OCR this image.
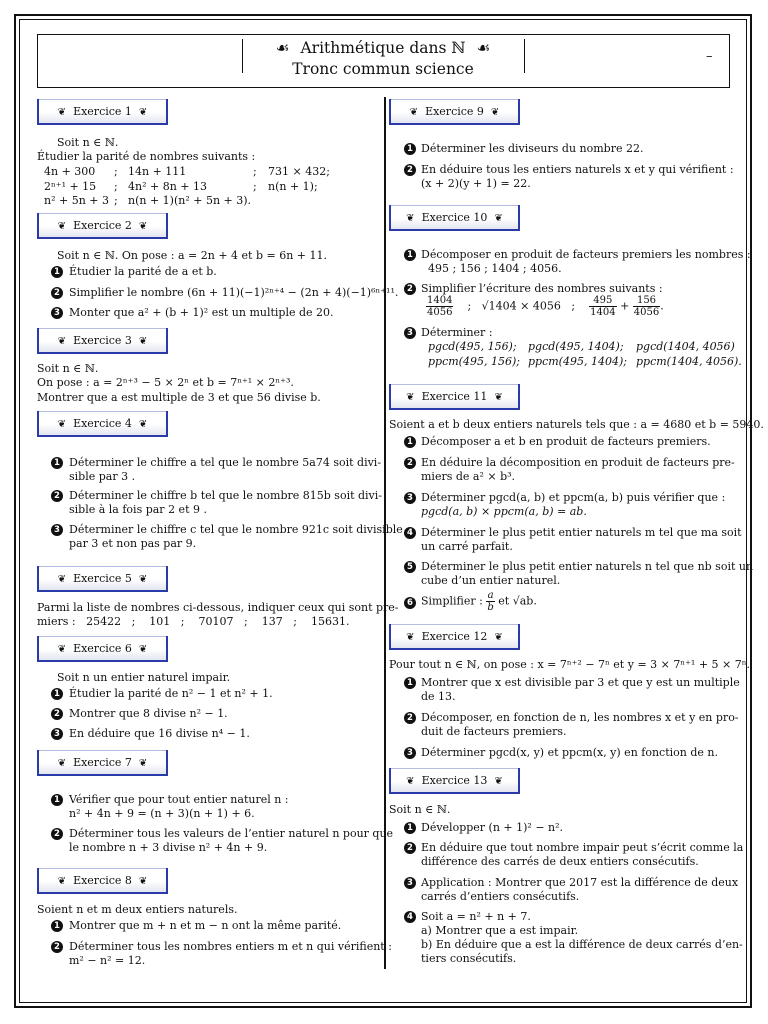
☙ Arithmétique dans ℕ ☙
Tronc commun science
–
❦ Exercice 1 ❦
Soit n ∈ ℕ.
Étudier la parité de nombres suivants :
4n + 300 ; 14n + 111	; 731 × 432;
2ⁿ⁺¹ + 15 ; 4n² + 8n + 13	; n(n + 1);
n² + 5n + 3 ; n(n + 1)(n² + 5n + 3).
❦ Exercice 2 ❦
Soit n ∈ ℕ. On pose : a = 2n + 4 et b = 6n + 11.
1 Étudier la parité de a et b.
2 Simplifier le nombre (6n + 11)(−1)²ⁿ⁺⁴ − (2n + 4)(−1)⁶ⁿ⁺¹¹.
3 Monter que a² + (b + 1)² est un multiple de 20.
❦ Exercice 3 ❦
Soit n ∈ ℕ.
On pose : a = 2ⁿ⁺³ − 5 × 2ⁿ et b = 7ⁿ⁺¹ × 2ⁿ⁺³.
Montrer que a est multiple de 3 et que 56 divise b.
❦ Exercice 4 ❦
1 Déterminer le chiffre a tel que le nombre 5a74 soit divi-
sible par 3 .
2 Déterminer le chiffre b tel que le nombre 815b soit divi-
sible à la fois par 2 et 9 .
3 Déterminer le chiffre c tel que le nombre 921c soit divisible
par 3 et non pas par 9.
❦ Exercice 5 ❦
Parmi la liste de nombres ci-dessous, indiquer ceux qui sont pre-
miers : 25422 ; 101 ; 70107 ; 137 ; 15631.
❦ Exercice 6 ❦
Soit n un entier naturel impair.
1 Étudier la parité de n² − 1 et n² + 1.
2 Montrer que 8 divise n² − 1.
3 En déduire que 16 divise n⁴ − 1.
❦ Exercice 7 ❦
1 Vérifier que pour tout entier naturel n :
n² + 4n + 9 = (n + 3)(n + 1) + 6.
2 Déterminer tous les valeurs de l’entier naturel n pour que
le nombre n + 3 divise n² + 4n + 9.
❦ Exercice 8 ❦
Soient n et m deux entiers naturels.
1 Montrer que m + n et m − n ont la même parité.
2 Déterminer tous les nombres entiers m et n qui vérifient :
m² − n² = 12.
❦ Exercice 9 ❦
1 Déterminer les diviseurs du nombre 22.
2 En déduire tous les entiers naturels x et y qui vérifient :
(x + 2)(y + 1) = 22.
❦ Exercice 10 ❦
1 Décomposer en produit de facteurs premiers les nombres :
495 ; 156 ; 1404 ; 4056.
2 Simplifier l’écriture des nombres suivants :
$\frac{1404}{4056}$ ; √1404 × 4056 ; $\frac{495}{1404} + \frac{156}{4056}$ .
3 Déterminer :
pgcd(495, 156); pgcd(495, 1404); pgcd(1404, 4056)
ppcm(495, 156); ppcm(495, 1404); ppcm(1404, 4056).
❦ Exercice 11 ❦
Soient a et b deux entiers naturels tels que : a = 4680 et b = 5940.
1 Décomposer a et b en produit de facteurs premiers.
2 En déduire la décomposition en produit de facteurs pre-
miers de a² × b³.
3 Déterminer pgcd(a, b) et ppcm(a, b) puis vérifier que :
pgcd(a, b) × ppcm(a, b) = ab.
4 Déterminer le plus petit entier naturels m tel que ma soit
un carré parfait.
5 Déterminer le plus petit entier naturels n tel que nb soit un
cube d’un entier naturel.
6 Simplifier : $\frac{a}{b}$ et √ab.
❦ Exercice 12 ❦
Pour tout n ∈ ℕ, on pose : x = 7ⁿ⁺² − 7ⁿ et y = 3 × 7ⁿ⁺¹ + 5 × 7ⁿ.
1 Montrer que x est divisible par 3 et que y est un multiple
de 13.
2 Décomposer, en fonction de n, les nombres x et y en pro-
duit de facteurs premiers.
3 Déterminer pgcd(x, y) et ppcm(x, y) en fonction de n.
❦ Exercice 13 ❦
Soit n ∈ ℕ.
1 Développer (n + 1)² − n².
2 En déduire que tout nombre impair peut s’écrit comme la
différence des carrés de deux entiers consécutifs.
3 Application : Montrer que 2017 est la différence de deux
carrés d’entiers consécutifs.
4 Soit a = n² + n + 7.
a) Montrer que a est impair.
b) En déduire que a est la différence de deux carrés d’en-
tiers consécutifs.
